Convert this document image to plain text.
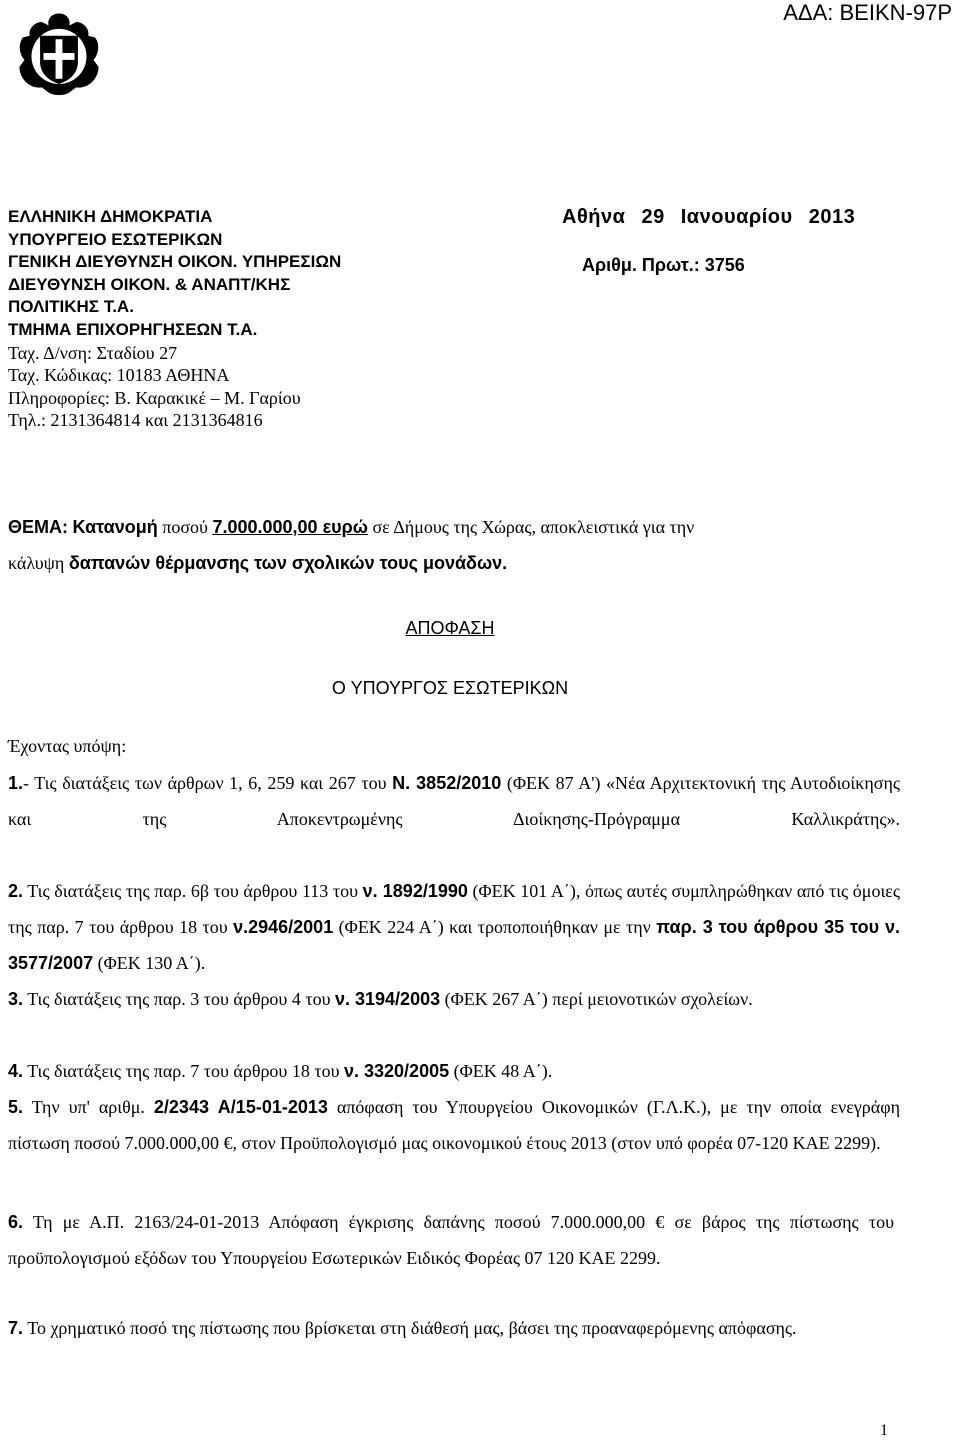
ΑΔΑ: ΒΕΙΚΝ-97Ρ
ΕΛΛΗΝΙΚΗ ΔΗΜΟΚΡΑΤΙΑ
ΥΠΟΥΡΓΕΙΟ ΕΣΩΤΕΡΙΚΩΝ
ΓΕΝΙΚΗ ΔΙΕΥΘΥΝΣΗ ΟΙΚΟΝ. ΥΠΗΡΕΣΙΩΝ
ΔΙΕΥΘΥΝΣΗ ΟΙΚΟΝ. & ΑΝΑΠΤ/ΚΗΣ
ΠΟΛΙΤΙΚΗΣ Τ.Α.
ΤΜΗΜΑ ΕΠΙΧΟΡΗΓΗΣΕΩΝ Τ.Α.
Ταχ. Δ/νση: Σταδίου 27
Ταχ. Κώδικας: 10183 ΑΘΗΝΑ
Πληροφορίες: Β. Καρακικέ – Μ. Γαρίου
Τηλ.: 2131364814 και 2131364816
Αθήνα 29 Ιανουαρίου 2013
Αριθμ. Πρωτ.: 3756
ΘΕΜΑ: Κατανομή ποσού 7.000.000,00 ευρώ σε Δήμους της Χώρας, αποκλειστικά για την
κάλυψη δαπανών θέρμανσης των σχολικών τους μονάδων.
ΑΠΟΦΑΣΗ
Ο ΥΠΟΥΡΓΟΣ ΕΣΩΤΕΡΙΚΩΝ
Έχοντας υπόψη:
1.- Τις διατάξεις των άρθρων 1, 6, 259 και 267 του Ν. 3852/2010 (ΦΕΚ 87 Α') «Νέα Αρχιτεκτονική της Αυτοδιοίκησης και της Αποκεντρωμένης Διοίκησης-Πρόγραμμα Καλλικράτης».
2. Τις διατάξεις της παρ. 6β του άρθρου 113 του ν. 1892/1990 (ΦΕΚ 101 Α΄), όπως αυτές συμπληρώθηκαν από τις όμοιες της παρ. 7 του άρθρου 18 του ν.2946/2001 (ΦΕΚ 224 Α΄) και τροποποιήθηκαν με την παρ. 3 του άρθρου 35 του ν. 3577/2007 (ΦΕΚ 130 Α΄).
3. Τις διατάξεις της παρ. 3 του άρθρου 4 του ν. 3194/2003 (ΦΕΚ 267 Α΄) περί μειονοτικών σχολείων.
4. Τις διατάξεις της παρ. 7 του άρθρου 18 του ν. 3320/2005 (ΦΕΚ 48 Α΄).
5. Την υπ' αριθμ. 2/2343 Α/15-01-2013 απόφαση του Υπουργείου Οικονομικών (Γ.Λ.Κ.), με την οποία ενεγράφη πίστωση ποσού 7.000.000,00 €, στον Προϋπολογισμό μας οικονομικού έτους 2013 (στον υπό φορέα 07-120 ΚΑΕ 2299).
6. Τη με Α.Π. 2163/24-01-2013 Απόφαση έγκρισης δαπάνης ποσού 7.000.000,00 € σε βάρος της πίστωσης του προϋπολογισμού εξόδων του Υπουργείου Εσωτερικών Ειδικός Φορέας 07 120 ΚΑΕ 2299.
7. Το χρηματικό ποσό της πίστωσης που βρίσκεται στη διάθεσή μας, βάσει της προαναφερόμενης απόφασης.
1
